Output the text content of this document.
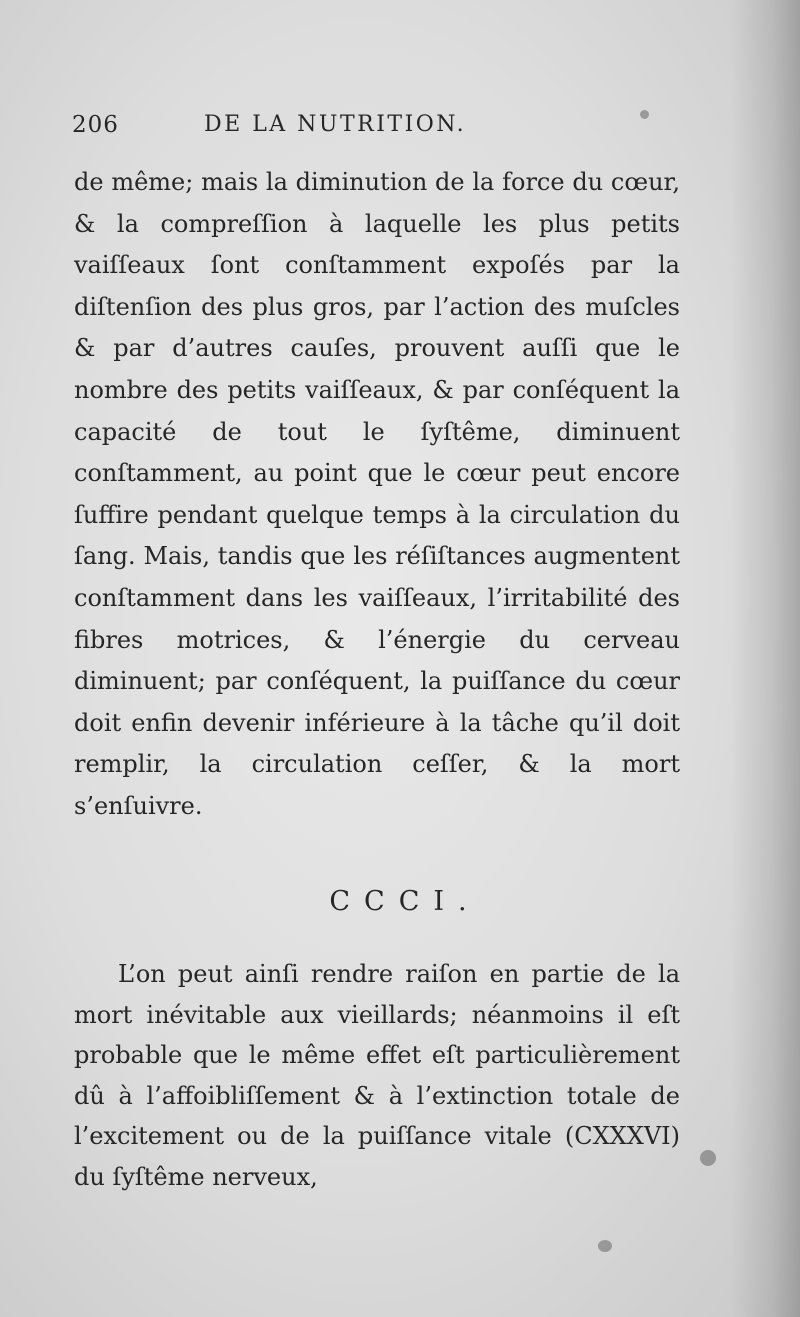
206	DE LA NUTRITION.

de même; mais la diminution de la force du cœur, & la compreſſion à laquelle les plus petits vaiſſeaux ſont conſtamment expoſés par la diſtenſion des plus gros, par l’action des muſcles & par d’autres cauſes, prouvent auſſi que le nombre des petits vaiſſeaux, & par conſéquent la capacité de tout le ſyſtême, diminuent conſtamment, au point que le cœur peut encore ſuffire pendant quelque temps à la circulation du ſang. Mais, tandis que les réſiſtances augmentent conſtamment dans les vaiſſeaux, l’irritabilité des fibres motrices, & l’énergie du cerveau diminuent; par conſéquent, la puiſſance du cœur doit enfin devenir inférieure à la tâche qu’il doit remplir, la circulation ceſſer, & la mort s’enſuivre.

CCCI.

L’on peut ainſi rendre raiſon en partie de la mort inévitable aux vieillards; néanmoins il eſt probable que le même effet eſt particulièrement dû à l’affoibliſſement & à l’extinction totale de l’excitement ou de la puiſſance vitale (CXXXVI) du ſyſtême nerveux,
